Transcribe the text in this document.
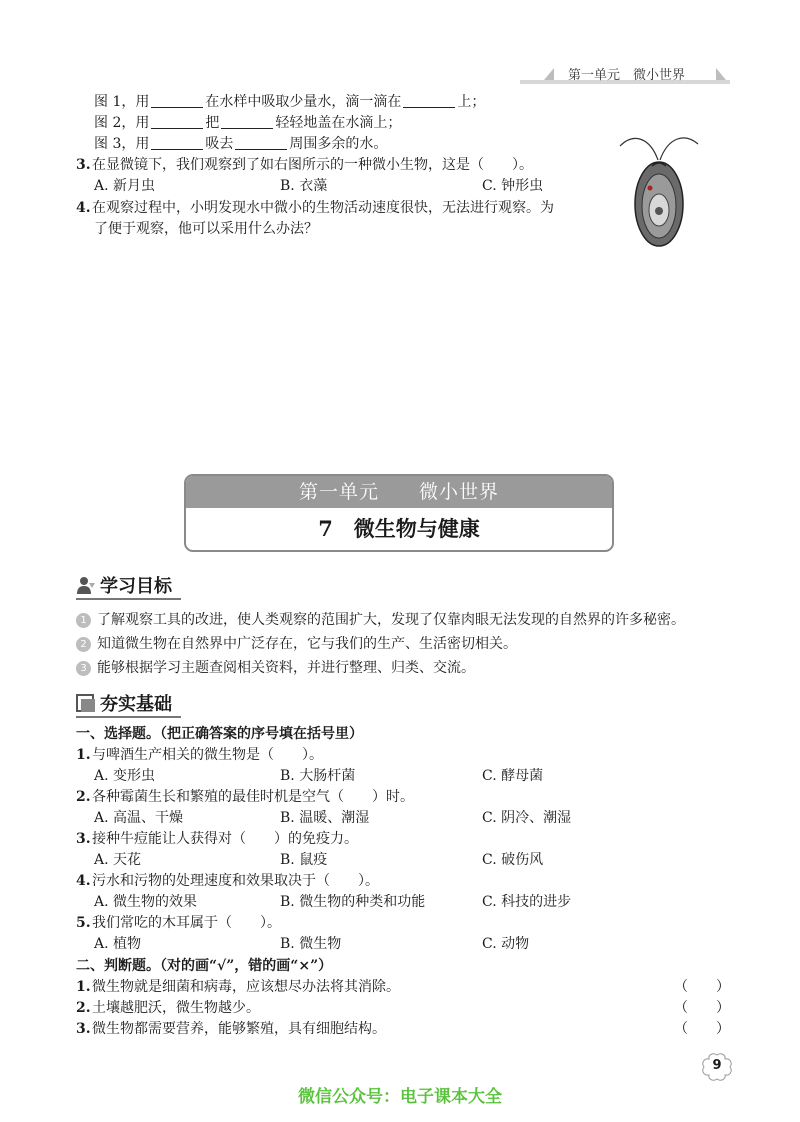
第一单元　微小世界
图 1，用	在水样中吸取少量水，滴一滴在	上；
图 2，用	把	轻轻地盖在水滴上；
图 3，用	吸去	周围多余的水。
3.在显微镜下，我们观察到了如右图所示的一种微小生物，这是（　　）。
A. 新月虫	B. 衣藻	C. 钟形虫
4.在观察过程中，小明发现水中微小的生物活动速度很快，无法进行观察。为
了便于观察，他可以采用什么办法？
第一单元　　微小世界
7　微生物与健康
学习目标
1 了解观察工具的改进，使人类观察的范围扩大，发现了仅靠肉眼无法发现的自然界的许多秘密。
2 知道微生物在自然界中广泛存在，它与我们的生产、生活密切相关。
3 能够根据学习主题查阅相关资料，并进行整理、归类、交流。
夯实基础
一、选择题。（把正确答案的序号填在括号里）
1.与啤酒生产相关的微生物是（　　）。
A. 变形虫	B. 大肠杆菌	C. 酵母菌
2.各种霉菌生长和繁殖的最佳时机是空气（　　）时。
A. 高温、干燥	B. 温暖、潮湿	C. 阴冷、潮湿
3.接种牛痘能让人获得对（　　）的免疫力。
A. 天花	B. 鼠疫	C. 破伤风
4.污水和污物的处理速度和效果取决于（　　）。
A. 微生物的效果	B. 微生物的种类和功能	C. 科技的进步
5.我们常吃的木耳属于（　　）。
A. 植物	B. 微生物	C. 动物
二、判断题。（对的画“√”，错的画“×”）
1.微生物就是细菌和病毒，应该想尽办法将其消除。	（　　）
2.土壤越肥沃，微生物越少。	（　　）
3.微生物都需要营养，能够繁殖，具有细胞结构。	（　　）
9
微信公众号：电子课本大全
